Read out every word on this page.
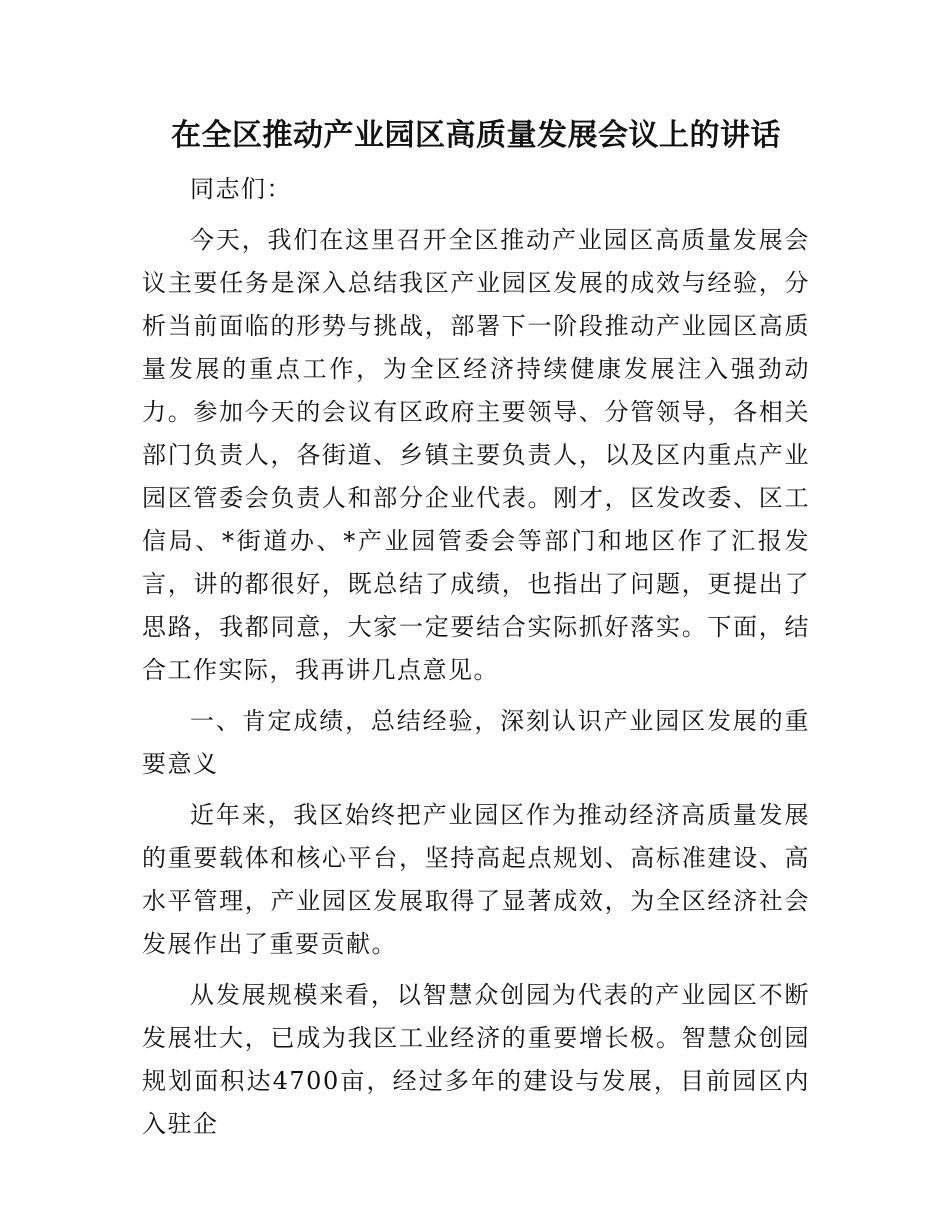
在全区推动产业园区高质量发展会议上的讲话

同志们：

今天，我们在这里召开全区推动产业园区高质量发展会议主要任务是深入总结我区产业园区发展的成效与经验，分析当前面临的形势与挑战，部署下一阶段推动产业园区高质量发展的重点工作，为全区经济持续健康发展注入强劲动力。参加今天的会议有区政府主要领导、分管领导，各相关部门负责人，各街道、乡镇主要负责人，以及区内重点产业园区管委会负责人和部分企业代表。刚才，区发改委、区工信局、*街道办、*产业园管委会等部门和地区作了汇报发言，讲的都很好，既总结了成绩，也指出了问题，更提出了思路，我都同意，大家一定要结合实际抓好落实。下面，结合工作实际，我再讲几点意见。

一、肯定成绩，总结经验，深刻认识产业园区发展的重要意义

近年来，我区始终把产业园区作为推动经济高质量发展的重要载体和核心平台，坚持高起点规划、高标准建设、高水平管理，产业园区发展取得了显著成效，为全区经济社会发展作出了重要贡献。

从发展规模来看，以智慧众创园为代表的产业园区不断发展壮大，已成为我区工业经济的重要增长极。智慧众创园规划面积达4700亩，经过多年的建设与发展，目前园区内入驻企
